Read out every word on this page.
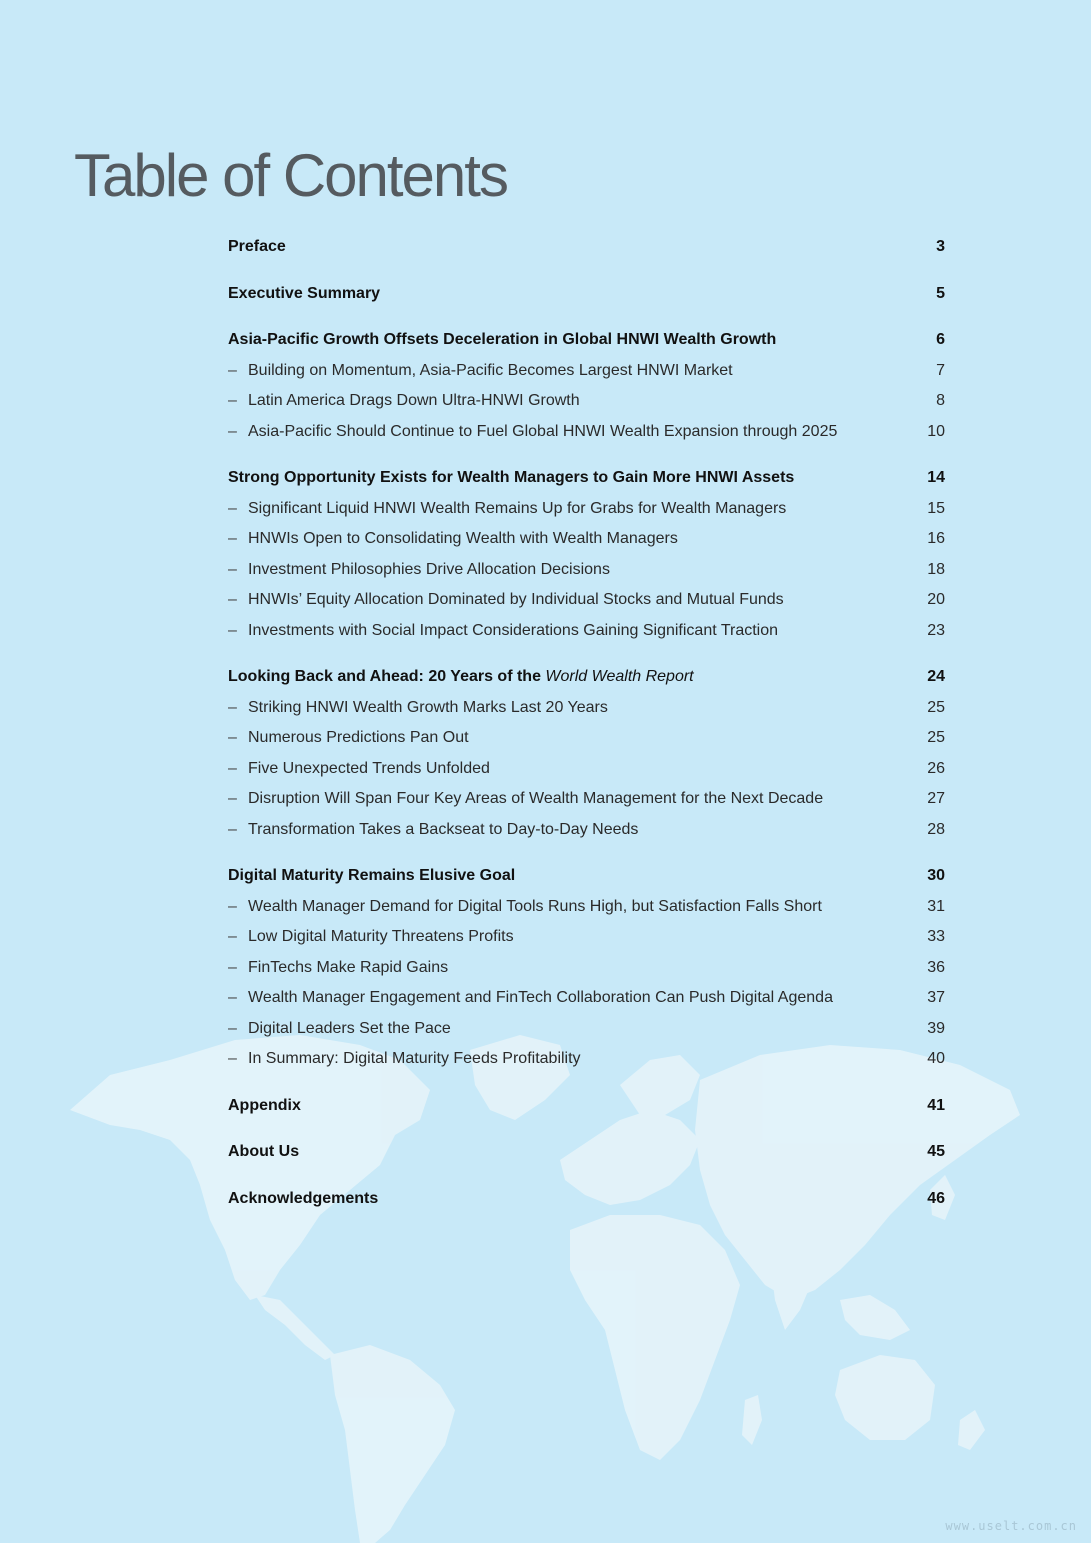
Table of Contents
Preface	3
Executive Summary	5
Asia-Pacific Growth Offsets Deceleration in Global HNWI Wealth Growth	6
– Building on Momentum, Asia-Pacific Becomes Largest HNWI Market	7
– Latin America Drags Down Ultra-HNWI Growth	8
– Asia-Pacific Should Continue to Fuel Global HNWI Wealth Expansion through 2025	10
Strong Opportunity Exists for Wealth Managers to Gain More HNWI Assets	14
– Significant Liquid HNWI Wealth Remains Up for Grabs for Wealth Managers	15
– HNWIs Open to Consolidating Wealth with Wealth Managers	16
– Investment Philosophies Drive Allocation Decisions	18
– HNWIs’ Equity Allocation Dominated by Individual Stocks and Mutual Funds	20
– Investments with Social Impact Considerations Gaining Significant Traction	23
Looking Back and Ahead: 20 Years of the World Wealth Report	24
– Striking HNWI Wealth Growth Marks Last 20 Years	25
– Numerous Predictions Pan Out	25
– Five Unexpected Trends Unfolded	26
– Disruption Will Span Four Key Areas of Wealth Management for the Next Decade	27
– Transformation Takes a Backseat to Day-to-Day Needs	28
Digital Maturity Remains Elusive Goal	30
– Wealth Manager Demand for Digital Tools Runs High, but Satisfaction Falls Short	31
– Low Digital Maturity Threatens Profits	33
– FinTechs Make Rapid Gains	36
– Wealth Manager Engagement and FinTech Collaboration Can Push Digital Agenda	37
– Digital Leaders Set the Pace	39
– In Summary: Digital Maturity Feeds Profitability	40
Appendix	41
About Us	45
Acknowledgements	46
www.uselt.com.cn
